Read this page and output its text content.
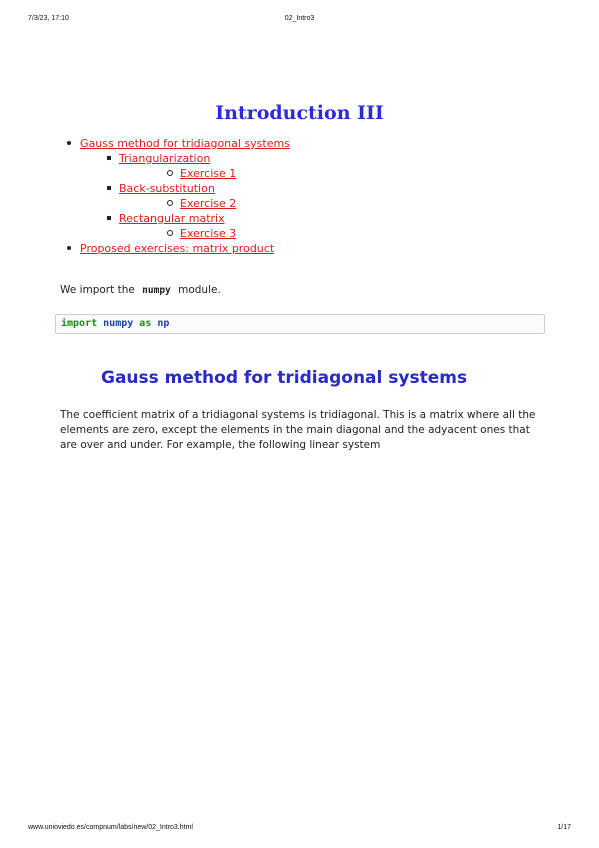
7/3/23, 17:10	02_Intro3
Introduction III
Gauss method for tridiagonal systems
Triangularization
Exercise 1
Back-substitution
Exercise 2
Rectangular matrix
Exercise 3
Proposed exercises: matrix product

We import the numpy module.

import numpy as np
Gauss method for tridiagonal systems

The coefficient matrix of a tridiagonal systems is tridiagonal. This is a matrix where all the elements are zero, except the elements in the main diagonal and the adyacent ones that are over and under. For example, the following linear system

www.unioviedo.es/compnum/labs/new/02_Intro3.html	1/17
